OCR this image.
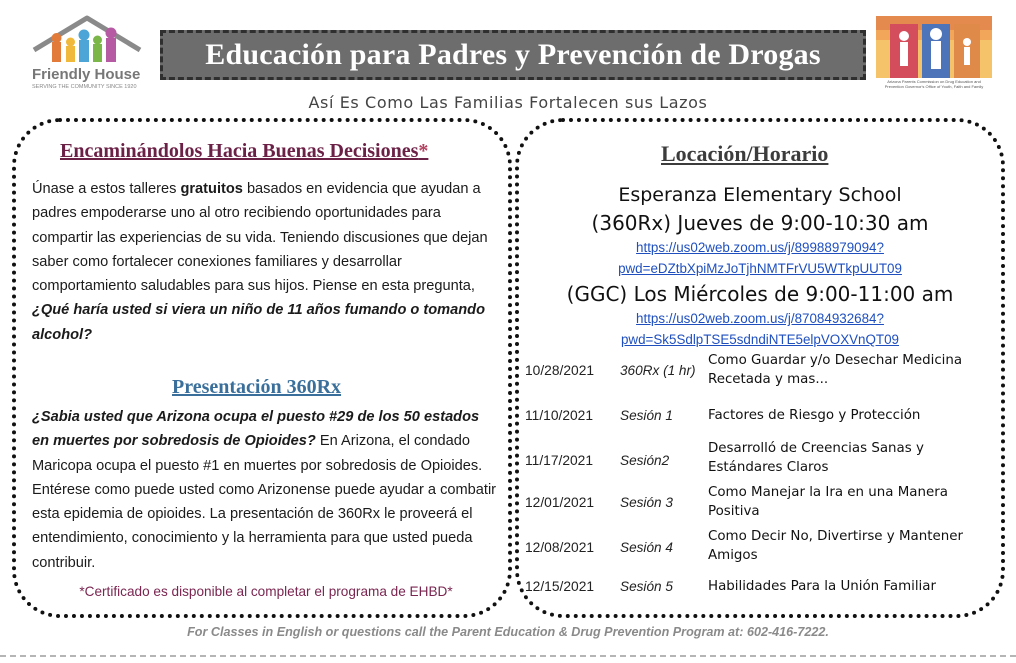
Friendly House
SERVING THE COMMUNITY SINCE 1920
Educación para Padres y Prevención de Drogas
Arizona Parents Commission on Drug Education and Prevention Governor's Office of Youth, Faith and Family
Así Es Como Las Familias Fortalecen sus Lazos
Encaminándolos Hacia Buenas Decisiones*
Únase a estos talleres gratuitos basados en evidencia que ayudan a padres empoderarse uno al otro recibiendo oportunidades para compartir las experiencias de su vida. Teniendo discusiones que dejan saber como fortalecer conexiones familiares y desarrollar comportamiento saludables para sus hijos. Piense en esta pregunta, ¿Qué haría usted si viera un niño de 11 años fumando o tomando alcohol?
Presentación 360Rx
¿Sabia usted que Arizona ocupa el puesto #29 de los 50 estados en muertes por sobredosis de Opioides? En Arizona, el condado Maricopa ocupa el puesto #1 en muertes por sobredosis de Opioides. Entérese como puede usted como Arizonense puede ayudar a combatir esta epidemia de opioides. La presentación de 360Rx le proveerá el entendimiento, conocimiento y la herramienta para que usted pueda contribuir.
*Certificado es disponible al completar el programa de EHBD*
Locación/Horario
Esperanza Elementary School
(360Rx) Jueves de 9:00-10:30 am
https://us02web.zoom.us/j/89988979094?
pwd=eDZtbXpiMzJoTjhNMTFrVU5WTkpUUT09
(GGC) Los Miércoles de 9:00-11:00 am
https://us02web.zoom.us/j/87084932684?
pwd=Sk5SdlpTSE5sdndiNTE5elpVOXVnQT09
10/28/2021 360Rx (1 hr)
Como Guardar y/o Desechar Medicina Recetada y mas...
11/10/2021 Sesión 1	Factores de Riesgo y Protección
11/17/2021 Sesión2
Desarrolló de Creencias Sanas y Estándares Claros
12/01/2021 Sesión 3
Como Manejar la Ira en una Manera Positiva
12/08/2021 Sesión 4
Como Decir No, Divertirse y Mantener Amigos
12/15/2021 Sesión 5	Habilidades Para la Unión Familiar
For Classes in English or questions call the Parent Education & Drug Prevention Program at: 602-416-7222.
